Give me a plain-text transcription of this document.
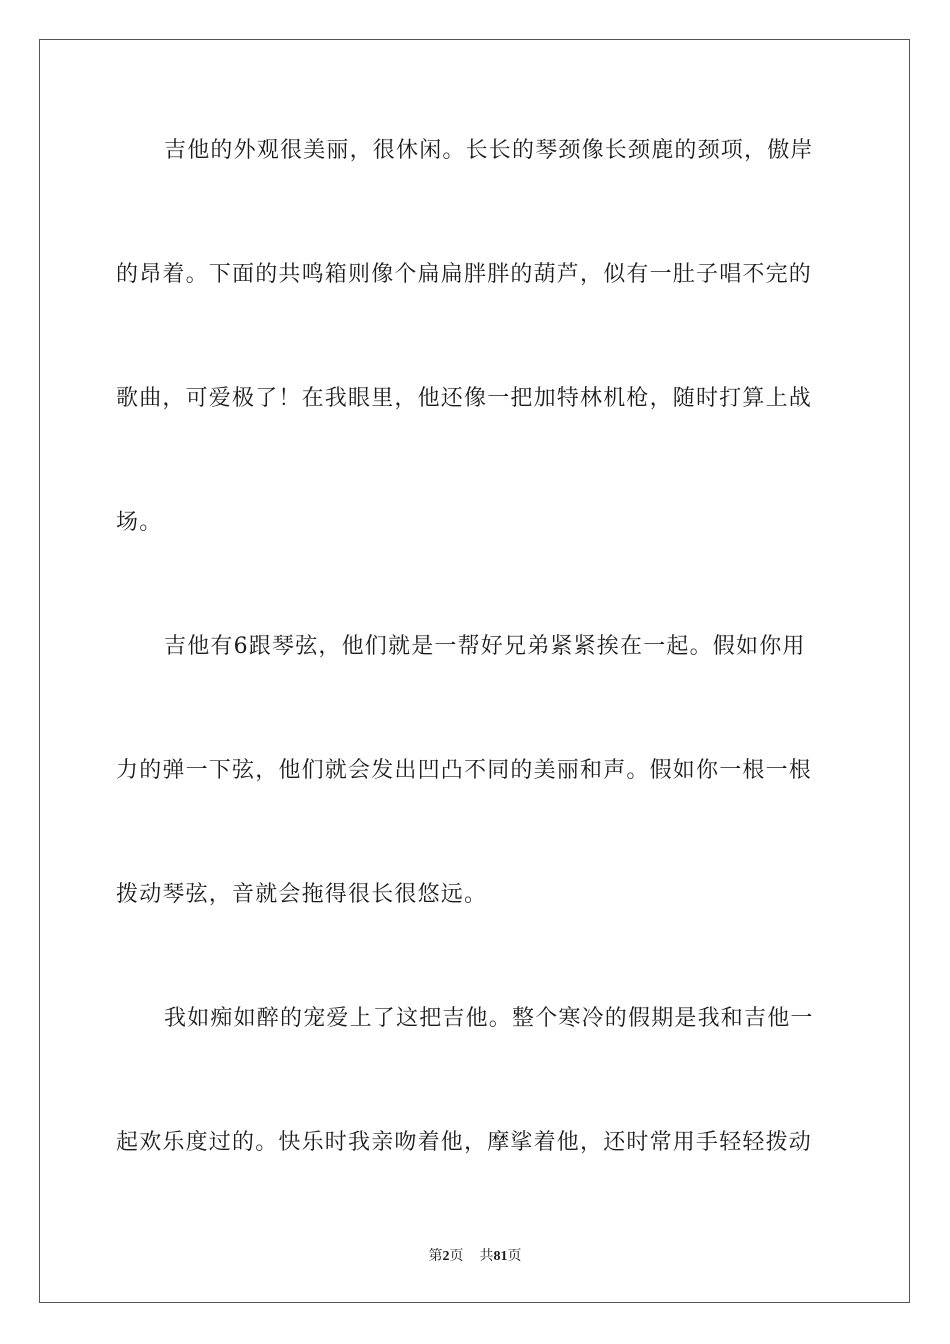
吉他的外观很美丽，很休闲。长长的琴颈像长颈鹿的颈项，傲岸
的昂着。下面的共鸣箱则像个扁扁胖胖的葫芦，似有一肚子唱不完的
歌曲，可爱极了！在我眼里，他还像一把加特林机枪，随时打算上战
场。
吉他有6跟琴弦，他们就是一帮好兄弟紧紧挨在一起。假如你用
力的弹一下弦，他们就会发出凹凸不同的美丽和声。假如你一根一根
拨动琴弦，音就会拖得很长很悠远。
我如痴如醉的宠爱上了这把吉他。整个寒冷的假期是我和吉他一
起欢乐度过的。快乐时我亲吻着他，摩挲着他，还时常用手轻轻拨动
第2页 共81页
